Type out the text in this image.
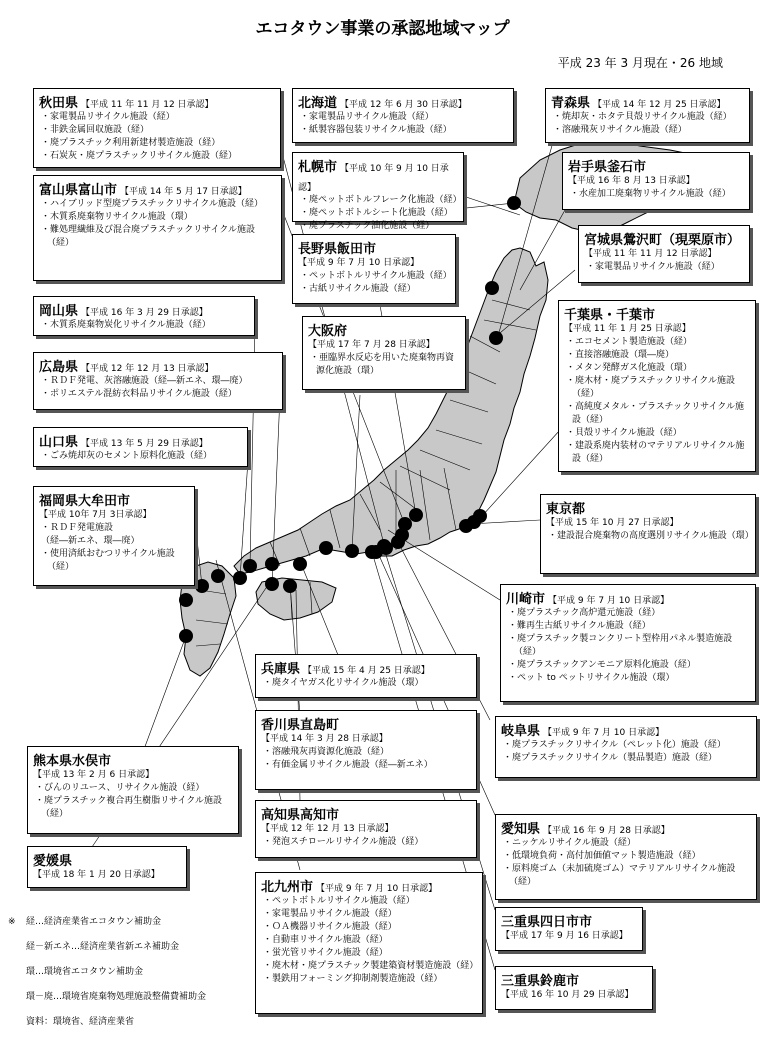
エコタウン事業の承認地域マップ
平成 23 年 3 月現在・26 地域
秋田県 【平成 11 年 11 月 12 日承認】
・家電製品リサイクル施設（経）
・非鉄金属回収施設（経）
・廃プラスチック利用新建材製造施設（経）
・石炭灰・廃プラスチックリサイクル施設（経）
富山県富山市 【平成 14 年 5 月 17 日承認】
・ハイブリッド型廃プラスチックリサイクル施設（経）
・木質系廃棄物リサイクル施設（環）
・難処理繊維及び混合廃プラスチックリサイクル施設（経）
岡山県 【平成 16 年 3 月 29 日承認】
・木質系廃棄物炭化リサイクル施設（経）
広島県 【平成 12 年 12 月 13 日承認】
・ＲＤＦ発電、灰溶融施設（経―新エネ、環―廃）
・ポリエステル混紡衣料品リサイクル施設（経）
山口県 【平成 13 年 5 月 29 日承認】
・ごみ焼却灰のセメント原料化施設（経）
福岡県大牟田市
【平成 10年 7月 3日承認】
・ＲＤＦ発電施設
（経―新エネ、環―廃）
・使用済紙おむつリサイクル施設（経）
熊本県水俣市
【平成 13 年 2 月 6 日承認】
・びんのリユース、リサイクル施設（経）
・廃プラスチック複合再生樹脂リサイクル施設（経）
愛媛県
【平成 18 年 1 月 20 日承認】
北海道 【平成 12 年 6 月 30 日承認】
・家電製品リサイクル施設（経）
・紙製容器包装リサイクル施設（経）
札幌市 【平成 10 年 9 月 10 日承認】
・廃ペットボトルフレーク化施設（経）
・廃ペットボトルシート化施設（経）
・廃プラスチック油化施設（経）
長野県飯田市
【平成 9 年 7 月 10 日承認】
・ペットボトルリサイクル施設（経）
・古紙リサイクル施設（経）
大阪府
【平成 17 年 7 月 28 日承認】
・亜臨界水反応を用いた廃棄物再資源化施設（環）
青森県 【平成 14 年 12 月 25 日承認】
・焼却灰・ホタテ貝殻リサイクル施設（経）
・溶融飛灰リサイクル施設（経）
岩手県釜石市
【平成 16 年 8 月 13 日承認】
・水産加工廃棄物リサイクル施設（経）
宮城県鶯沢町（現栗原市）
【平成 11 年 11 月 12 日承認】
・家電製品リサイクル施設（経）
千葉県・千葉市
【平成 11 年 1 月 25 日承認】
・エコセメント製造施設（経）
・直接溶融施設（環―廃）
・メタン発酵ガス化施設（環）
・廃木材・廃プラスチックリサイクル施設（経）
・高純度メタル・プラスチックリサイクル施設（経）
・貝殻リサイクル施設（経）
・建設系廃内装材のマテリアルリサイクル施設（経）
東京都
【平成 15 年 10 月 27 日承認】
・建設混合廃棄物の高度選別リサイクル施設（環）
川崎市 【平成 9 年 7 月 10 日承認】
・廃プラスチック高炉還元施設（経）
・難再生古紙リサイクル施設（経）
・廃プラスチック製コンクリート型枠用パネル製造施設（経）
・廃プラスチックアンモニア原料化施設（経）
・ペット to ペットリサイクル施設（環）
兵庫県 【平成 15 年 4 月 25 日承認】
・廃タイヤガス化リサイクル施設（環）
香川県直島町
【平成 14 年 3 月 28 日承認】
・溶融飛灰再資源化施設（経）
・有価金属リサイクル施設（経―新エネ）
高知県高知市
【平成 12 年 12 月 13 日承認】
・発泡スチロールリサイクル施設（経）
北九州市 【平成 9 年 7 月 10 日承認】
・ペットボトルリサイクル施設（経）
・家電製品リサイクル施設（経）
・ＯＡ機器リサイクル施設（経）
・自動車リサイクル施設（経）
・蛍光管リサイクル施設（経）
・廃木材・廃プラスチック製建築資材製造施設（経）
・製鉄用フォーミング抑制剤製造施設（経）
岐阜県 【平成 9 年 7 月 10 日承認】
・廃プラスチックリサイクル（ペレット化）施設（経）
・廃プラスチックリサイクル（製品製造）施設（経）
愛知県 【平成 16 年 9 月 28 日承認】
・ニッケルリサイクル施設（経）
・低環境負荷・高付加価値マット製造施設（経）
・原料廃ゴム（未加硫廃ゴム）マテリアルリサイクル施設（経）
三重県四日市市
【平成 17 年 9 月 16 日承認】
三重県鈴鹿市
【平成 16 年 10 月 29 日承認】
※ 経…経済産業省エコタウン補助金
経－新エネ…経済産業省新エネ補助金
環…環境省エコタウン補助金
環－廃…環境省廃棄物処理施設整備費補助金
資料：環境省、経済産業省
